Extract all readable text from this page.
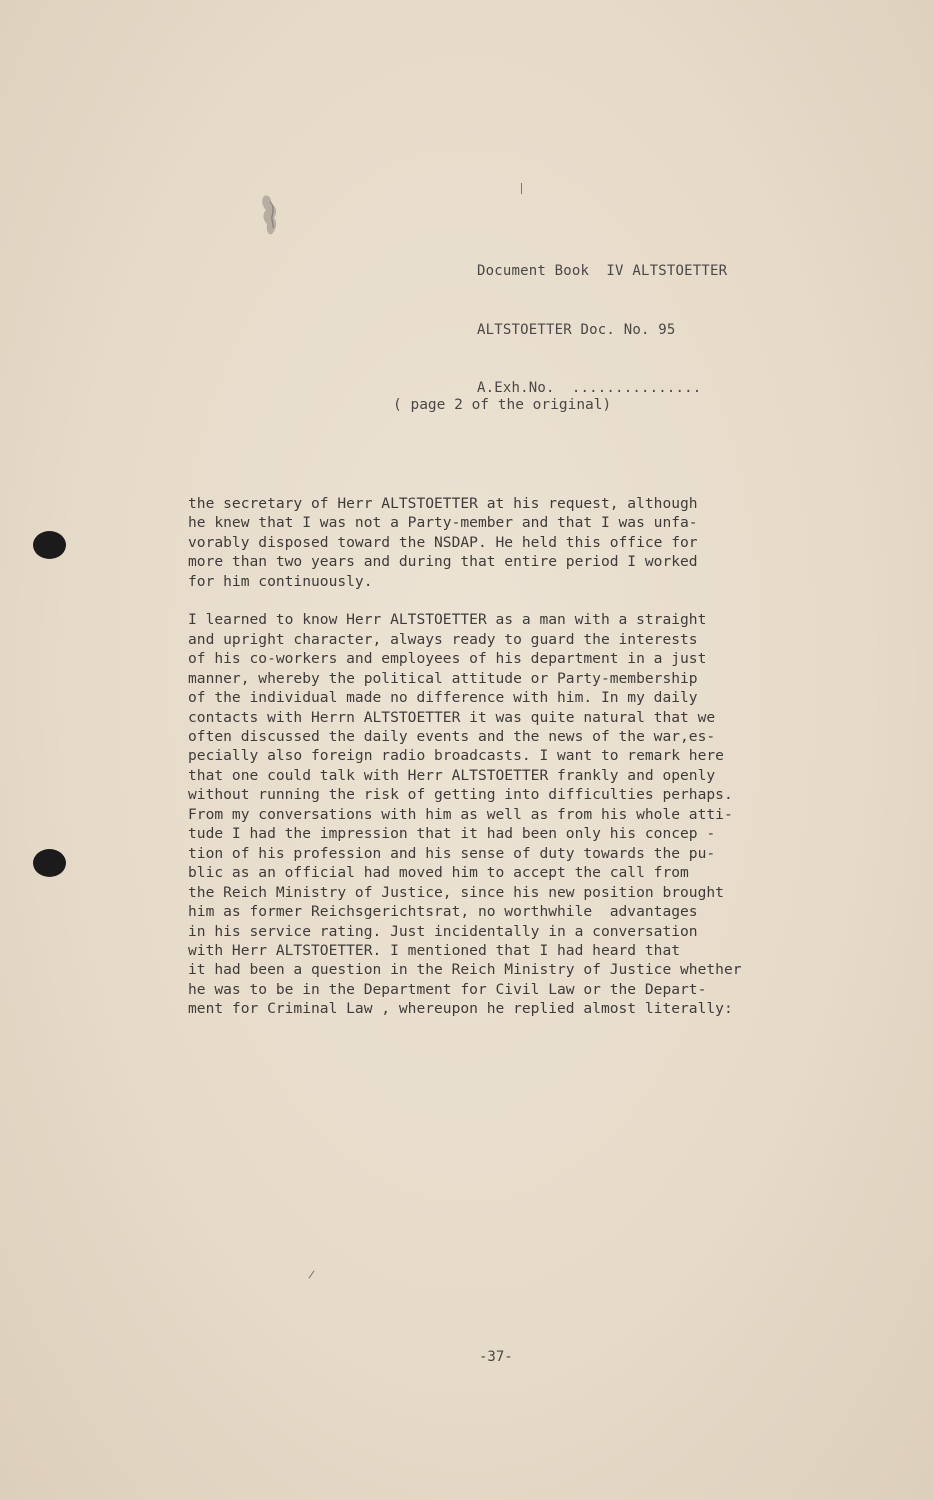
Document Book  IV ALTSTOETTER

ALTSTOETTER Doc. No. 95

A.Exh.No.  ...............

( page 2 of the original)
the secretary of Herr ALTSTOETTER at his request, although
he knew that I was not a Party-member and that I was unfa-
vorably disposed toward the NSDAP. He held this office for
more than two years and during that entire period I worked
for him continuously.
I learned to know Herr ALTSTOETTER as a man with a straight
and upright character, always ready to guard the interests
of his co-workers and employees of his department in a just
manner, whereby the political attitude or Party-membership
of the individual made no difference with him. In my daily
contacts with Herrn ALTSTOETTER it was quite natural that we
often discussed the daily events and the news of the war,es-
pecially also foreign radio broadcasts. I want to remark here
that one could talk with Herr ALTSTOETTER frankly and openly
without running the risk of getting into difficulties perhaps.
From my conversations with him as well as from his whole atti-
tude I had the impression that it had been only his concep -
tion of his profession and his sense of duty towards the pu-
blic as an official had moved him to accept the call from
the Reich Ministry of Justice, since his new position brought
him as former Reichsgerichtsrat, no worthwhile  advantages
in his service rating. Just incidentally in a conversation
with Herr ALTSTOETTER. I mentioned that I had heard that
it had been a question in the Reich Ministry of Justice whether
he was to be in the Department for Civil Law or the Depart-
ment for Criminal Law , whereupon he replied almost literally:
-37-
